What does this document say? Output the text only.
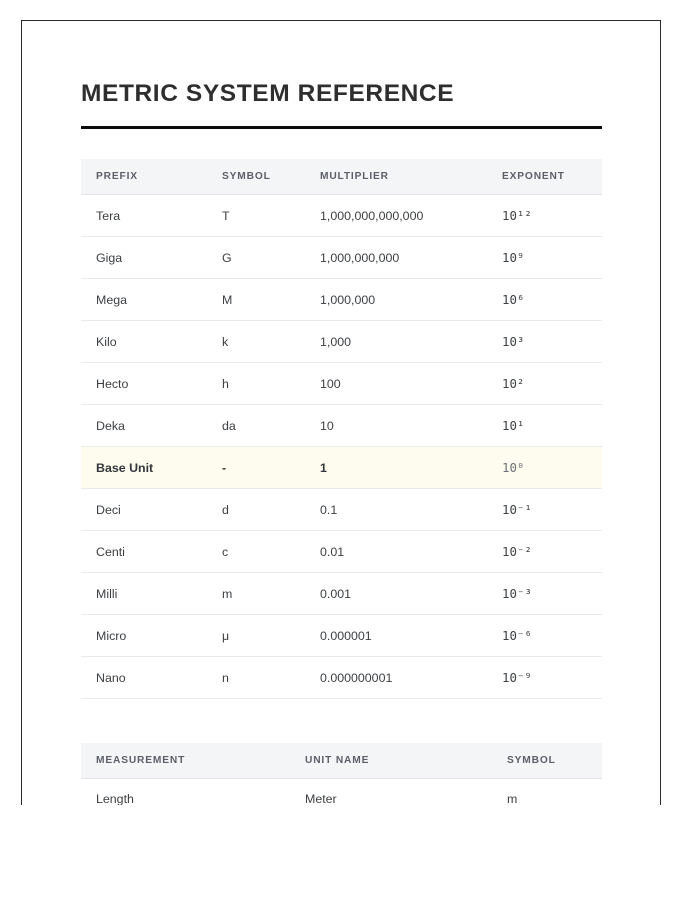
METRIC SYSTEM REFERENCE
PREFIX	SYMBOL	MULTIPLIER	EXPONENT
Tera	T	1,000,000,000,000	10¹²
Giga	G	1,000,000,000	10⁹
Mega	M	1,000,000	10⁶
Kilo	k	1,000	10³
Hecto	h	100	10²
Deka	da	10	10¹
Base Unit	-	1	10⁰
Deci	d	0.1	10⁻¹
Centi	c	0.01	10⁻²
Milli	m	0.001	10⁻³
Micro	μ	0.000001	10⁻⁶
Nano	n	0.000000001	10⁻⁹
MEASUREMENT	UNIT NAME	SYMBOL
Length	Meter	m
